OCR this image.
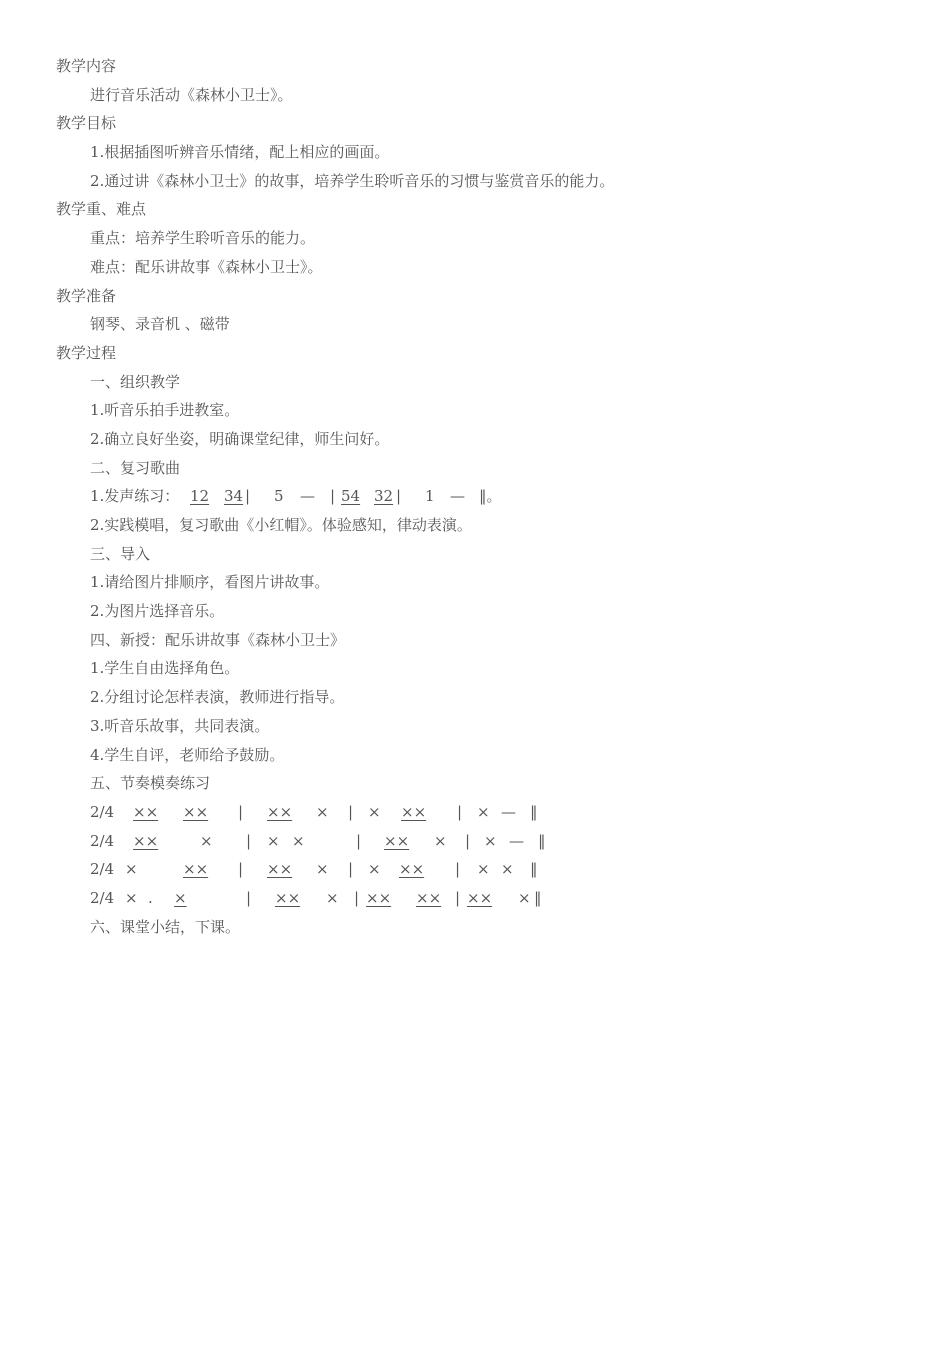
教学内容
进行音乐活动《森林小卫士》。
教学目标
1.根据插图听辨音乐情绪，配上相应的画面。
2.通过讲《森林小卫士》的故事，培养学生聆听音乐的习惯与鉴赏音乐的能力。
教学重、难点
重点：培养学生聆听音乐的能力。
难点：配乐讲故事《森林小卫士》。
教学准备
钢琴、录音机 、磁带
教学过程
一、组织教学
1.听音乐拍手进教室。
2.确立良好坐姿，明确课堂纪律，师生问好。
二、复习歌曲
1.发声练习： 12 34 | 5 — | 54 32 | 1 — ‖。
2.实践模唱，复习歌曲《小红帽》。体验感知，律动表演。
三、导入
1.请给图片排顺序，看图片讲故事。
2.为图片选择音乐。
四、新授：配乐讲故事《森林小卫士》
1.学生自由选择角色。
2.分组讨论怎样表演，教师进行指导。
3.听音乐故事，共同表演。
4.学生自评，老师给予鼓励。
五、节奏模奏练习
2/4 ×× ×× | ×× × | × ×× | × — ‖
2/4 ××	× | × ×	|	×× × | × — ‖
2/4 ×	×× | ×× × | ×	××	| × × ‖
2/4 × . ×	| ×× × | ×× ×× | ×× × ‖
六、课堂小结，下课。
